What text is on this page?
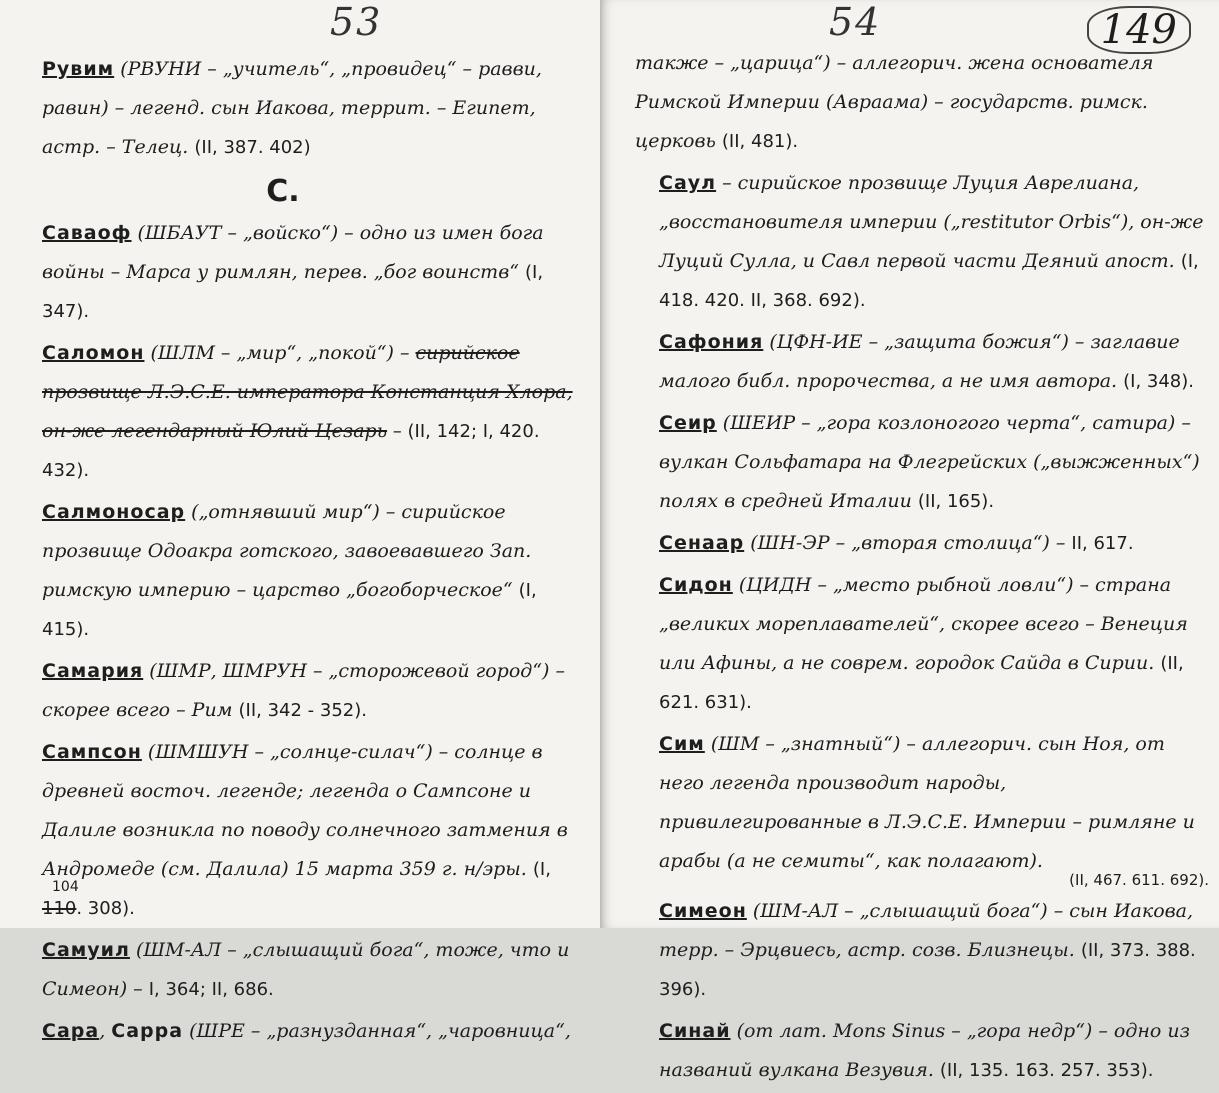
53
Рувим (РВУНИ – „учитель“, „провидец“ – равви, равин) – легенд. сын Иакова, террит. – Египет, астр. – Телец. (II, 387. 402)
С.
Саваоф (ШБАУТ – „войско“) – одно из имен бога войны – Марса у римлян, перев. „бог воинств“ (I, 347).
Саломон (ШЛМ – „мир“, „покой“) – сирийское прозвище Л.Э.С.Е. императора Констанция Хлора, он-же легендарный Юлий Цезарь – (II, 142; I, 420. 432).
Салмоносар („отнявший мир“) – сирийское прозвище Одоакра готского, завоевавшего Зап. римскую империю – царство „богоборческое“ (I, 415).
Самария (ШМР, ШМРУН – „сторожевой город“) – скорее всего – Рим (II, 342 - 352).
Сампсон (ШМШУН – „солнце-силач“) – солнце в древней восточ. легенде; легенда о Сампсоне и Далиле возникла по поводу солнечного затмения в Андромеде (см. Далила) 15 марта 359 г. н/эры. (I,
104
110. 308).
Самуил (ШМ-АЛ – „слышащий бога“, тоже, что и Симеон) – I, 364; II, 686.
Сара, Сарра (ШРЕ – „разнузданная“, „чаровница“,
54	149
также – „царица“) – аллегорич. жена основателя Римской Империи (Авраама) – государств. римск. церковь (II, 481).
Саул – сирийское прозвище Луция Аврелиана, „восстановителя империи („restitutor Orbis“), он-же Луций Сулла, и Савл первой части Деяний апост. (I, 418. 420. II, 368. 692).
Сафония (ЦФН-ИЕ – „защита божия“) – заглавие малого библ. пророчества, а не имя автора. (I, 348).
Сеир (ШЕИР – „гора козлоногого черта“, сатира) – вулкан Сольфатара на Флегрейских („выжженных“) полях в средней Италии (II, 165).
Сенаар (ШН-ЭР – „вторая столица“) – II, 617.
Сидон (ЦИДН – „место рыбной ловли“) – страна „великих мореплавателей“, скорее всего – Венеция или Афины, а не соврем. городок Сайда в Сирии. (II, 621. 631).
Сим (ШМ – „знатный“) – аллегорич. сын Ноя, от него легенда производит народы, привилегированные в Л.Э.С.Е. Империи – римляне и арабы (а не семиты“, как полагают).
(II, 467. 611. 692).
Симеон (ШМ-АЛ – „слышащий бога“) – сын Иакова, терр. – Эрцвиесь, астр. созв. Близнецы. (II, 373. 388. 396).
Синай (от лат. Mons Sinus – „гора недр“) – одно из названий вулкана Везувия. (II, 135. 163. 257. 353).
